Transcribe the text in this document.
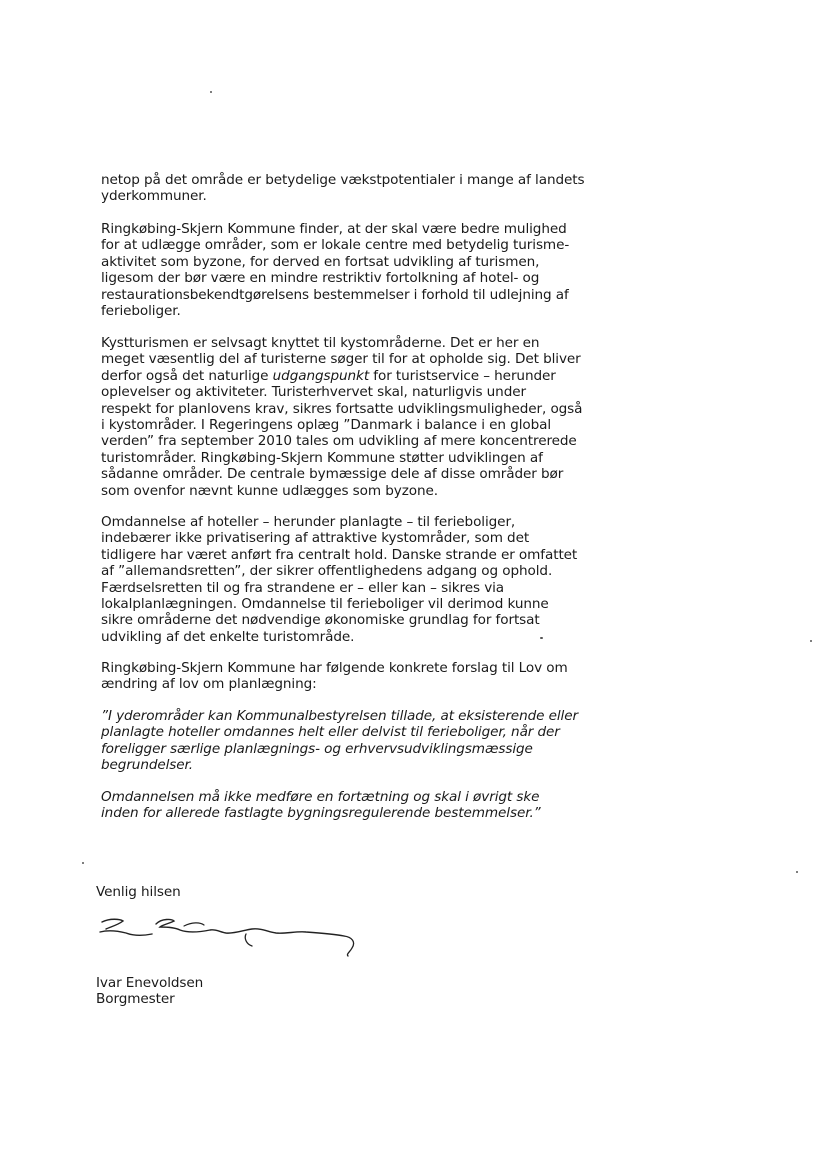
netop på det område er betydelige vækstpotentialer i mange af landets
yderkommuner.
Ringkøbing-Skjern Kommune finder, at der skal være bedre mulighed
for at udlægge områder, som er lokale centre med betydelig turisme-
aktivitet som byzone, for derved en fortsat udvikling af turismen,
ligesom der bør være en mindre restriktiv fortolkning af hotel- og
restaurationsbekendtgørelsens bestemmelser i forhold til udlejning af
ferieboliger.
Kystturismen er selvsagt knyttet til kystområderne. Det er her en
meget væsentlig del af turisterne søger til for at opholde sig. Det bliver
derfor også det naturlige udgangspunkt for turistservice – herunder
oplevelser og aktiviteter. Turisterhvervet skal, naturligvis under
respekt for planlovens krav, sikres fortsatte udviklingsmuligheder, også
i kystområder. I Regeringens oplæg ”Danmark i balance i en global
verden” fra september 2010 tales om udvikling af mere koncentrerede
turistområder. Ringkøbing-Skjern Kommune støtter udviklingen af
sådanne områder. De centrale bymæssige dele af disse områder bør
som ovenfor nævnt kunne udlægges som byzone.
Omdannelse af hoteller – herunder planlagte – til ferieboliger,
indebærer ikke privatisering af attraktive kystområder, som det
tidligere har været anført fra centralt hold. Danske strande er omfattet
af ”allemandsretten”, der sikrer offentlighedens adgang og ophold.
Færdselsretten til og fra strandene er – eller kan – sikres via
lokalplanlægningen. Omdannelse til ferieboliger vil derimod kunne
sikre områderne det nødvendige økonomiske grundlag for fortsat
udvikling af det enkelte turistområde.
Ringkøbing-Skjern Kommune har følgende konkrete forslag til Lov om
ændring af lov om planlægning:
”I yderområder kan Kommunalbestyrelsen tillade, at eksisterende eller
planlagte hoteller omdannes helt eller delvist til ferieboliger, når der
foreligger særlige planlægnings- og erhvervsudviklingsmæssige
begrundelser.
Omdannelsen må ikke medføre en fortætning og skal i øvrigt ske
inden for allerede fastlagte bygningsregulerende bestemmelser.”
Venlig hilsen
Ivar Enevoldsen
Borgmester
